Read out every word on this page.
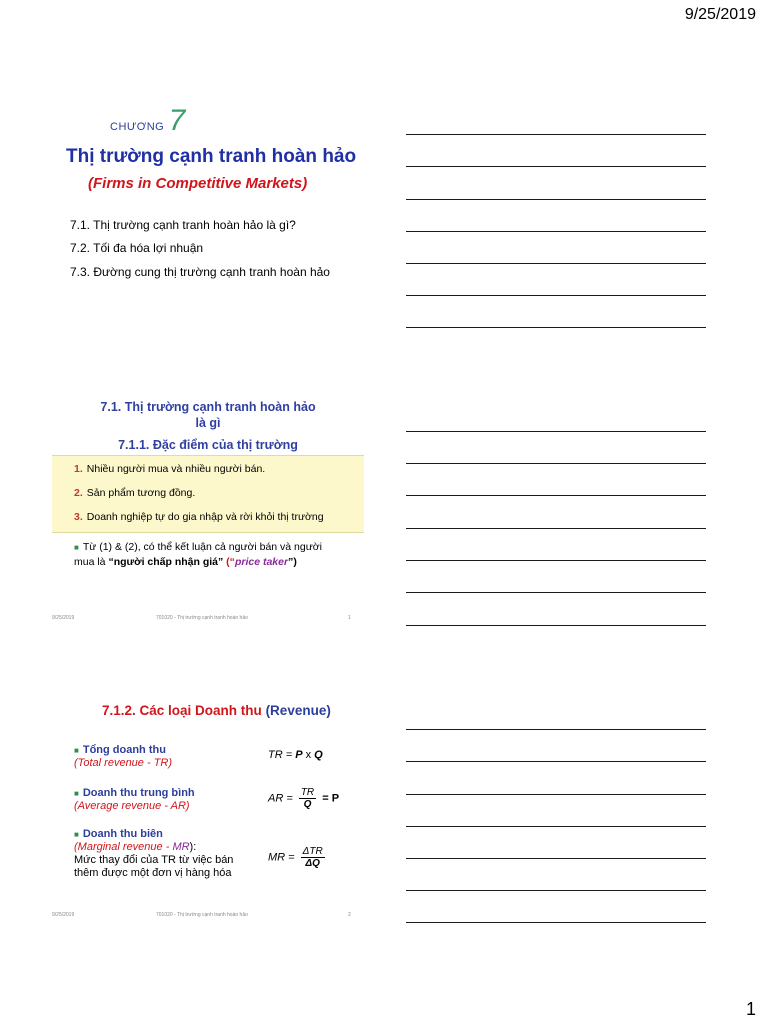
9/25/2019
CHƯƠNG 7
Thị trường cạnh tranh hoàn hảo
(Firms in Competitive Markets)
7.1. Thị trường cạnh tranh hoàn hảo là gì?
7.2. Tối đa hóa lợi nhuận
7.3. Đường cung thị trường cạnh tranh hoàn hảo
7.1. Thị trường cạnh tranh hoàn hảo
là gì
7.1.1. Đặc điểm của thị trường
1. Nhiều người mua và nhiều người bán.
2. Sản phẩm tương đồng.
3. Doanh nghiệp tự do gia nhập và rời khỏi thị trường
■ Từ (1) & (2), có thể kết luận cả người bán và người mua là “người chấp nhận giá” (“price taker”)
9/25/2019	701020 - Thị trường cạnh tranh hoàn hảo	1
7.1.2. Các loại Doanh thu (Revenue)
■ Tổng doanh thu
(Total revenue - TR)
TR = P x Q
■ Doanh thu trung bình
(Average revenue - AR)
AR = $\frac{TR}{Q} = P$
■ Doanh thu biên
(Marginal revenue - MR):
Mức thay đổi của TR từ việc bán thêm được một đơn vị hàng hóa
MR = $\frac{\text{ΔTR}}{\Delta Q}$
9/25/2019	701020 - Thị trường cạnh tranh hoàn hảo	2
1
